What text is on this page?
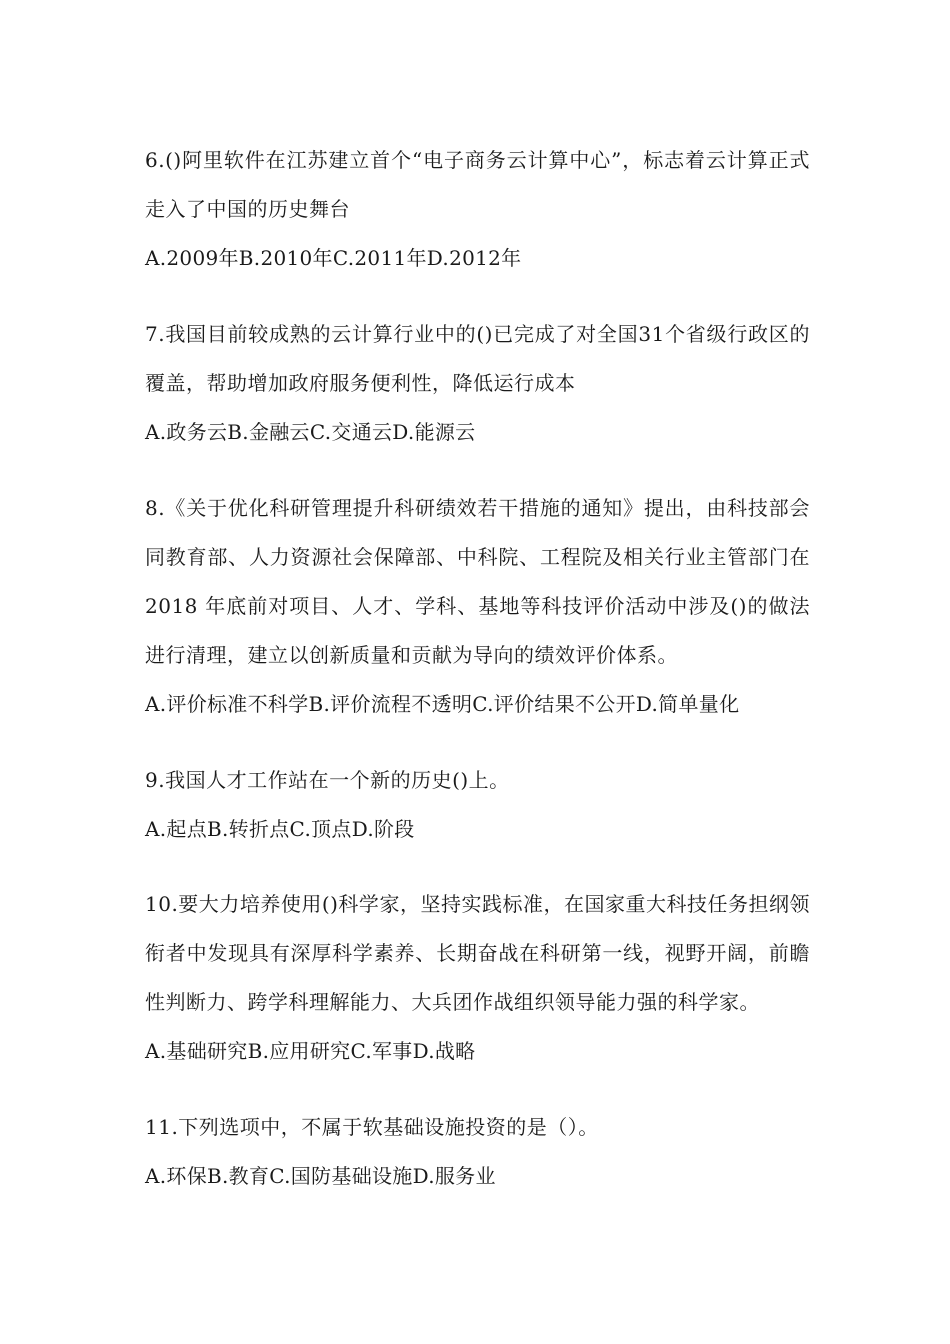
6.()阿里软件在江苏建立首个“电子商务云计算中心”，标志着云计算正式走入了中国的历史舞台

A.2009年B.2010年C.2011年D.2012年

7.我国目前较成熟的云计算行业中的()已完成了对全国31个省级行政区的覆盖，帮助增加政府服务便利性，降低运行成本

A.政务云B.金融云C.交通云D.能源云

8.《关于优化科研管理提升科研绩效若干措施的通知》提出，由科技部会同教育部、人力资源社会保障部、中科院、工程院及相关行业主管部门在 2018 年底前对项目、人才、学科、基地等科技评价活动中涉及()的做法进行清理，建立以创新质量和贡献为导向的绩效评价体系。

A.评价标准不科学B.评价流程不透明C.评价结果不公开D.简单量化

9.我国人才工作站在一个新的历史()上。

A.起点B.转折点C.顶点D.阶段

10.要大力培养使用()科学家，坚持实践标准，在国家重大科技任务担纲领衔者中发现具有深厚科学素养、长期奋战在科研第一线，视野开阔，前瞻性判断力、跨学科理解能力、大兵团作战组织领导能力强的科学家。

A.基础研究B.应用研究C.军事D.战略

11.下列选项中，不属于软基础设施投资的是（）。

A.环保B.教育C.国防基础设施D.服务业
